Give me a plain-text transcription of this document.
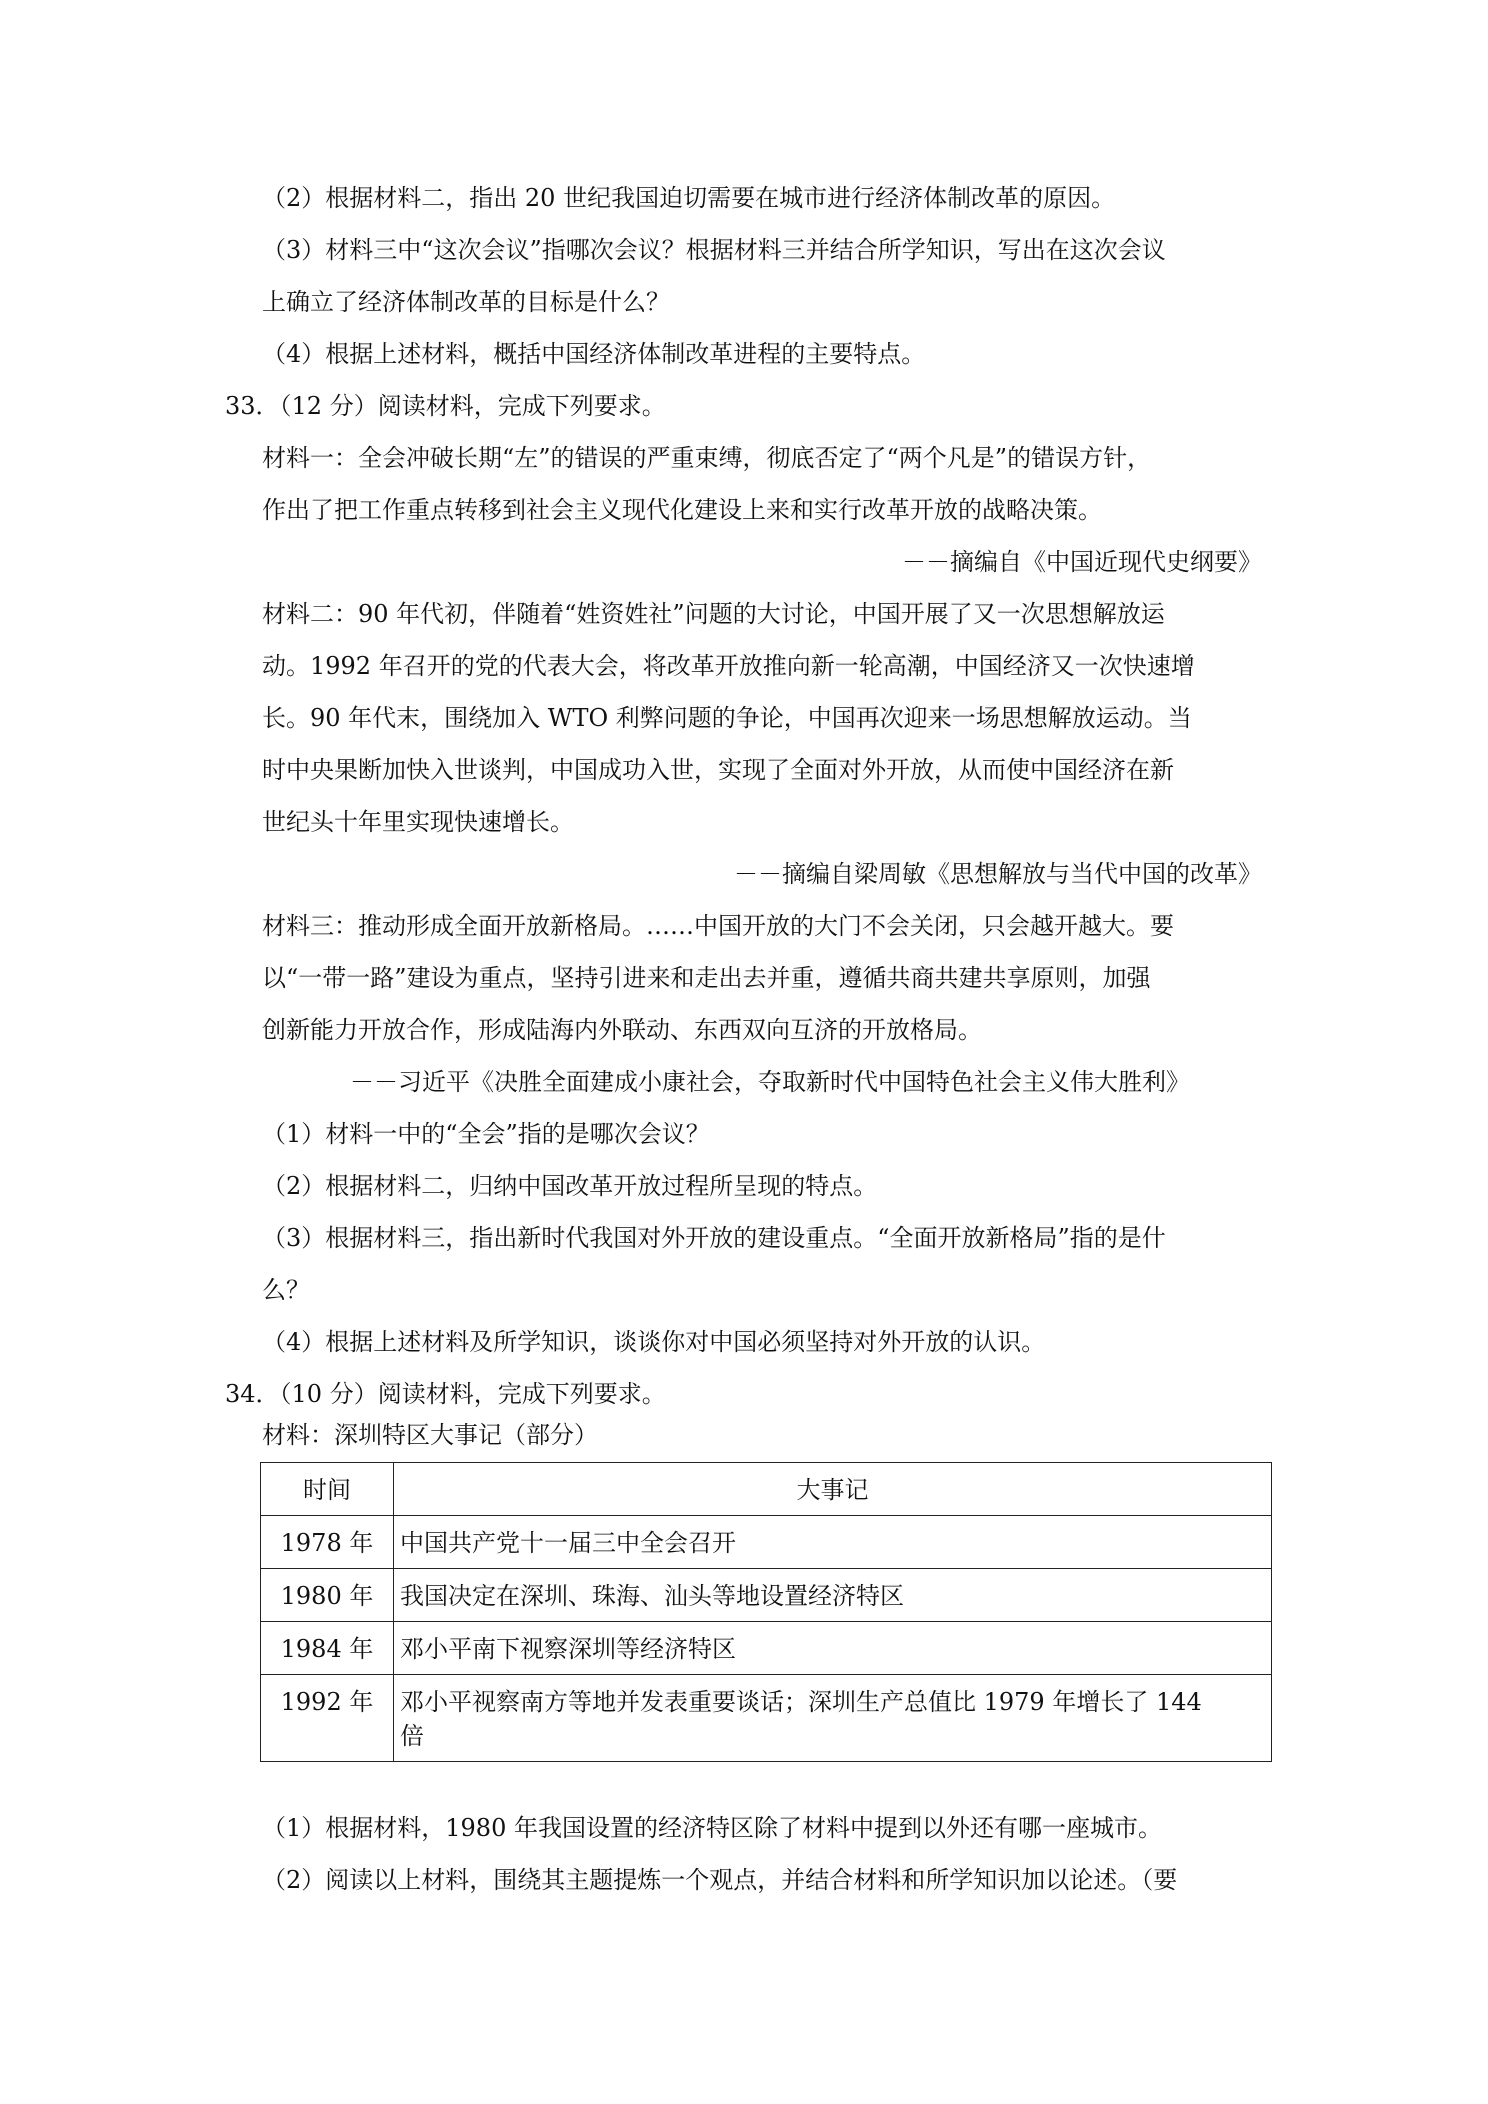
（2）根据材料二，指出 20 世纪我国迫切需要在城市进行经济体制改革的原因。
（3）材料三中“这次会议”指哪次会议？根据材料三并结合所学知识，写出在这次会议
上确立了经济体制改革的目标是什么？
（4）根据上述材料，概括中国经济体制改革进程的主要特点。
33．（12 分）阅读材料，完成下列要求。
材料一：全会冲破长期“左”的错误的严重束缚，彻底否定了“两个凡是”的错误方针，
作出了把工作重点转移到社会主义现代化建设上来和实行改革开放的战略决策。
－－摘编自《中国近现代史纲要》
材料二：90 年代初，伴随着“姓资姓社”问题的大讨论，中国开展了又一次思想解放运
动。1992 年召开的党的代表大会，将改革开放推向新一轮高潮，中国经济又一次快速增
长。90 年代末，围绕加入 WTO 利弊问题的争论，中国再次迎来一场思想解放运动。当
时中央果断加快入世谈判，中国成功入世，实现了全面对外开放，从而使中国经济在新
世纪头十年里实现快速增长。
－－摘编自梁周敏《思想解放与当代中国的改革》
材料三：推动形成全面开放新格局。……中国开放的大门不会关闭，只会越开越大。要
以“一带一路”建设为重点，坚持引进来和走出去并重，遵循共商共建共享原则，加强
创新能力开放合作，形成陆海内外联动、东西双向互济的开放格局。
－－习近平《决胜全面建成小康社会，夺取新时代中国特色社会主义伟大胜利》
（1）材料一中的“全会”指的是哪次会议？
（2）根据材料二，归纳中国改革开放过程所呈现的特点。
（3）根据材料三，指出新时代我国对外开放的建设重点。“全面开放新格局”指的是什
么？
（4）根据上述材料及所学知识，谈谈你对中国必须坚持对外开放的认识。
34．（10 分）阅读材料，完成下列要求。
材料：深圳特区大事记（部分）
时间	大事记
1978 年	中国共产党十一届三中全会召开
1980 年	我国决定在深圳、珠海、汕头等地设置经济特区
1984 年	邓小平南下视察深圳等经济特区
1992 年	邓小平视察南方等地并发表重要谈话；深圳生产总值比 1979 年增长了 144
倍
（1）根据材料，1980 年我国设置的经济特区除了材料中提到以外还有哪一座城市。
（2）阅读以上材料，围绕其主题提炼一个观点，并结合材料和所学知识加以论述。（要
